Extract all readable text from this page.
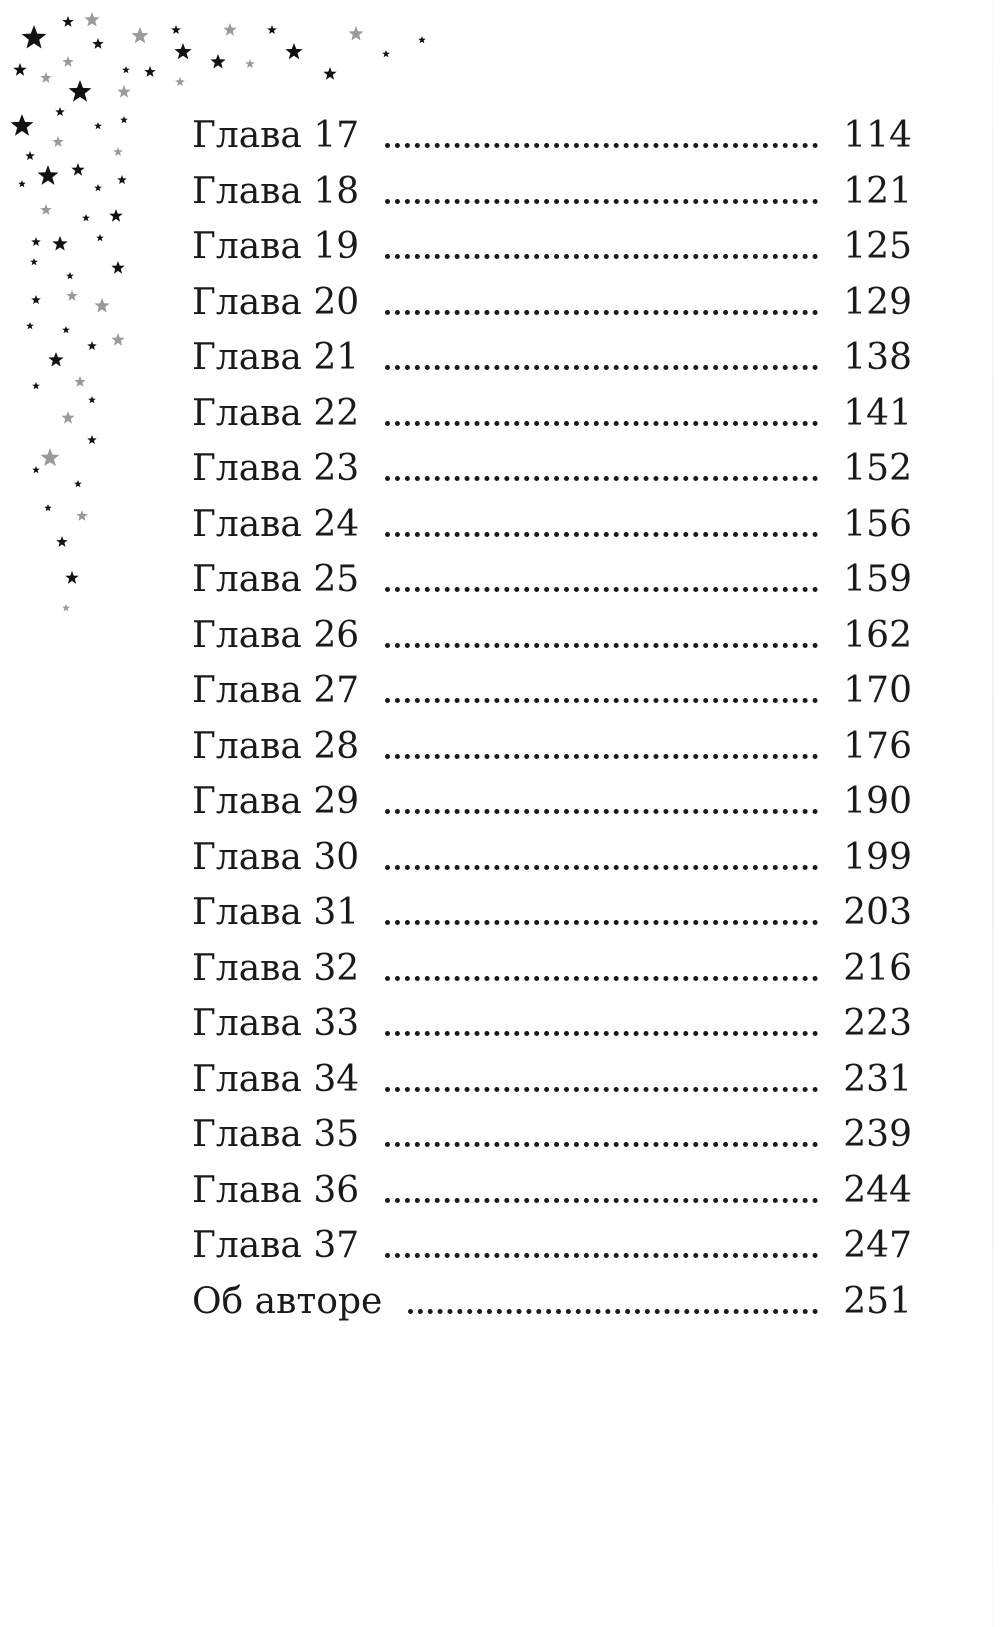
Глава 17	114
Глава 18	121
Глава 19	125
Глава 20	129
Глава 21	138
Глава 22	141
Глава 23	152
Глава 24	156
Глава 25	159
Глава 26	162
Глава 27	170
Глава 28	176
Глава 29	190
Глава 30	199
Глава 31	203
Глава 32	216
Глава 33	223
Глава 34	231
Глава 35	239
Глава 36	244
Глава 37	247
Об авторе	251
